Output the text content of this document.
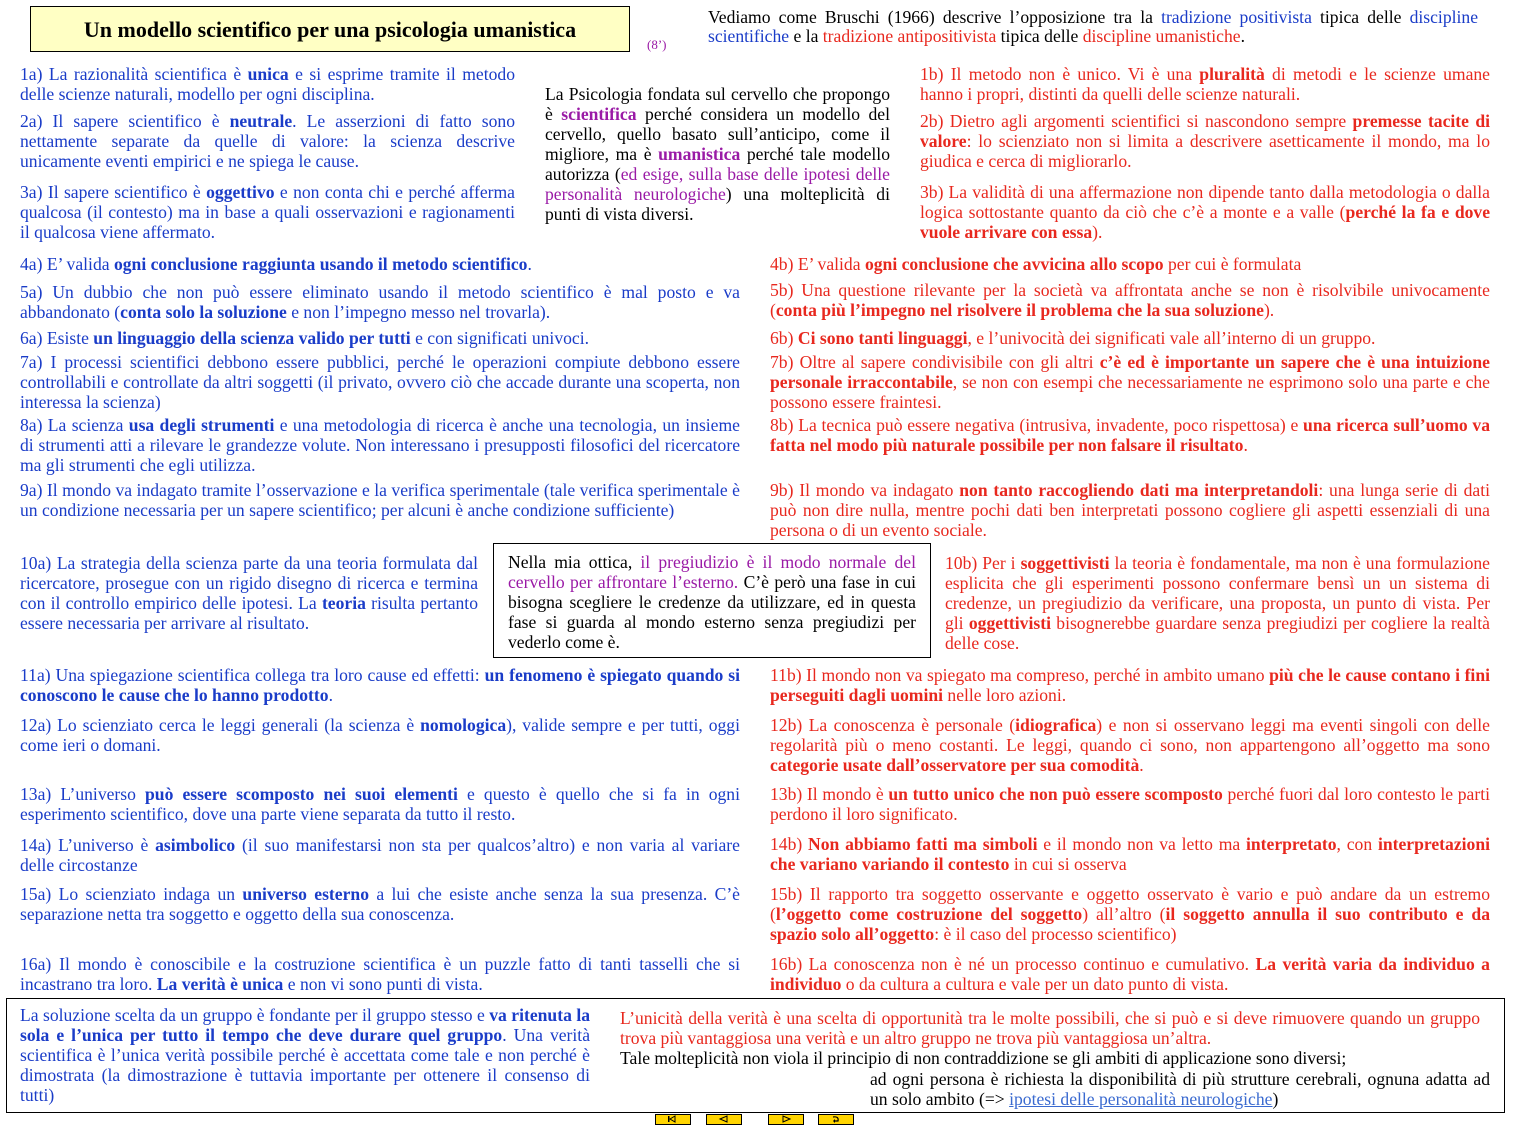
Un modello scientifico per una psicologia umanistica
(8’)
Vediamo come Bruschi (1966) descrive l’opposizione tra la tradizione positivista tipica delle discipline scientifiche e la tradizione antipositivista tipica delle discipline umanistiche.
1a) La razionalità scientifica è unica e si esprime tramite il metodo delle scienze naturali, modello per ogni disciplina.
2a) Il sapere scientifico è neutrale. Le asserzioni di fatto sono nettamente separate da quelle di valore: la scienza descrive unicamente eventi empirici e ne spiega le cause.
3a) Il sapere scientifico è oggettivo e non conta chi e perché afferma qualcosa (il contesto) ma in base a quali osservazioni e ragionamenti il qualcosa viene affermato.
La Psicologia fondata sul cervello che propongo è scientifica perché considera un modello del cervello, quello basato sull’anticipo, come il migliore, ma è umanistica perché tale modello autorizza (ed esige, sulla base delle ipotesi delle personalità neurologiche) una molteplicità di punti di vista diversi.
1b) Il metodo non è unico. Vi è una pluralità di metodi e le scienze umane hanno i propri, distinti da quelli delle scienze naturali.
2b) Dietro agli argomenti scientifici si nascondono sempre premesse tacite di valore: lo scienziato non si limita a descrivere asetticamente il mondo, ma lo giudica e cerca di migliorarlo.
3b) La validità di una affermazione non dipende tanto dalla metodologia o dalla logica sottostante quanto da ciò che c’è a monte e a valle (perché la fa e dove vuole arrivare con essa).
4a) E’ valida ogni conclusione raggiunta usando il metodo scientifico.
5a) Un dubbio che non può essere eliminato usando il metodo scientifico è mal posto e va abbandonato (conta solo la soluzione e non l’impegno messo nel trovarla).
6a) Esiste un linguaggio della scienza valido per tutti e con significati univoci.
7a) I processi scientifici debbono essere pubblici, perché le operazioni compiute debbono essere controllabili e controllate da altri soggetti (il privato, ovvero ciò che accade durante una scoperta, non interessa la scienza)
8a) La scienza usa degli strumenti e una metodologia di ricerca è anche una tecnologia, un insieme di strumenti atti a rilevare le grandezze volute. Non interessano i presupposti filosofici del ricercatore ma gli strumenti che egli utilizza.
9a) Il mondo va indagato tramite l’osservazione e la verifica sperimentale (tale verifica sperimentale è un condizione necessaria per un sapere scientifico; per alcuni è anche condizione sufficiente)
4b) E’ valida ogni conclusione che avvicina allo scopo per cui è formulata
5b) Una questione rilevante per la società va affrontata anche se non è risolvibile univocamente (conta più l’impegno nel risolvere il problema che la sua soluzione).
6b) Ci sono tanti linguaggi, e l’univocità dei significati vale all’interno di un gruppo.
7b) Oltre al sapere condivisibile con gli altri c’è ed è importante un sapere che è una intuizione personale irraccontabile, se non con esempi che necessariamente ne esprimono solo una parte e che possono essere fraintesi.
8b) La tecnica può essere negativa (intrusiva, invadente, poco rispettosa) e una ricerca sull’uomo va fatta nel modo più naturale possibile per non falsare il risultato.
9b) Il mondo va indagato non tanto raccogliendo dati ma interpretandoli: una lunga serie di dati può non dire nulla, mentre pochi dati ben interpretati possono cogliere gli aspetti essenziali di una persona o di un evento sociale.
10a) La strategia della scienza parte da una teoria formulata dal ricercatore, prosegue con un rigido disegno di ricerca e termina con il controllo empirico delle ipotesi. La teoria risulta pertanto essere necessaria per arrivare al risultato.
Nella mia ottica, il pregiudizio è il modo normale del cervello per affrontare l’esterno. C’è però una fase in cui bisogna scegliere le credenze da utilizzare, ed in questa fase si guarda al mondo esterno senza pregiudizi per vederlo come è.
10b) Per i soggettivisti la teoria è fondamentale, ma non è una formulazione esplicita che gli esperimenti possono confermare bensì un un sistema di credenze, un pregiudizio da verificare, una proposta, un punto di vista. Per gli oggettivisti bisognerebbe guardare senza pregiudizi per cogliere la realtà delle cose.
11a) Una spiegazione scientifica collega tra loro cause ed effetti: un fenomeno è spiegato quando si conoscono le cause che lo hanno prodotto.
12a) Lo scienziato cerca le leggi generali (la scienza è nomologica), valide sempre e per tutti, oggi come ieri o domani.
13a) L’universo può essere scomposto nei suoi elementi e questo è quello che si fa in ogni esperimento scientifico, dove una parte viene separata da tutto il resto.
14a) L’universo è asimbolico (il suo manifestarsi non sta per qualcos’altro) e non varia al variare delle circostanze
15a) Lo scienziato indaga un universo esterno a lui che esiste anche senza la sua presenza. C’è separazione netta tra soggetto e oggetto della sua conoscenza.
16a) Il mondo è conoscibile e la costruzione scientifica è un puzzle fatto di tanti tasselli che si incastrano tra loro. La verità è unica e non vi sono punti di vista.
11b) Il mondo non va spiegato ma compreso, perché in ambito umano più che le cause contano i fini perseguiti dagli uomini nelle loro azioni.
12b) La conoscenza è personale (idiografica) e non si osservano leggi ma eventi singoli con delle regolarità più o meno costanti. Le leggi, quando ci sono, non appartengono all’oggetto ma sono categorie usate dall’osservatore per sua comodità.
13b) Il mondo è un tutto unico che non può essere scomposto perché fuori dal loro contesto le parti perdono il loro significato.
14b) Non abbiamo fatti ma simboli e il mondo non va letto ma interpretato, con interpretazioni che variano variando il contesto in cui si osserva
15b) Il rapporto tra soggetto osservante e oggetto osservato è vario e può andare da un estremo (l’oggetto come costruzione del soggetto) all’altro (il soggetto annulla il suo contributo e da spazio solo all’oggetto: è il caso del processo scientifico)
16b) La conoscenza non è né un processo continuo e cumulativo. La verità varia da individuo a individuo o da cultura a cultura e vale per un dato punto di vista.
La soluzione scelta da un gruppo è fondante per il gruppo stesso e va ritenuta la sola e l’unica per tutto il tempo che deve durare quel gruppo. Una verità scientifica è l’unica verità possibile perché è accettata come tale e non perché è dimostrata (la dimostrazione è tuttavia importante per ottenere il consenso di tutti)
L’unicità della verità è una scelta di opportunità tra le molte possibili, che si può e si deve rimuovere quando un gruppo trova più vantaggiosa una verità e un altro gruppo ne trova più vantaggiosa un’altra.
Tale molteplicità non viola il principio di non contraddizione se gli ambiti di applicazione sono diversi;
ad ogni persona è richiesta la disponibilità di più strutture cerebrali, ognuna adatta ad un solo ambito (=> ipotesi delle personalità neurologiche)
